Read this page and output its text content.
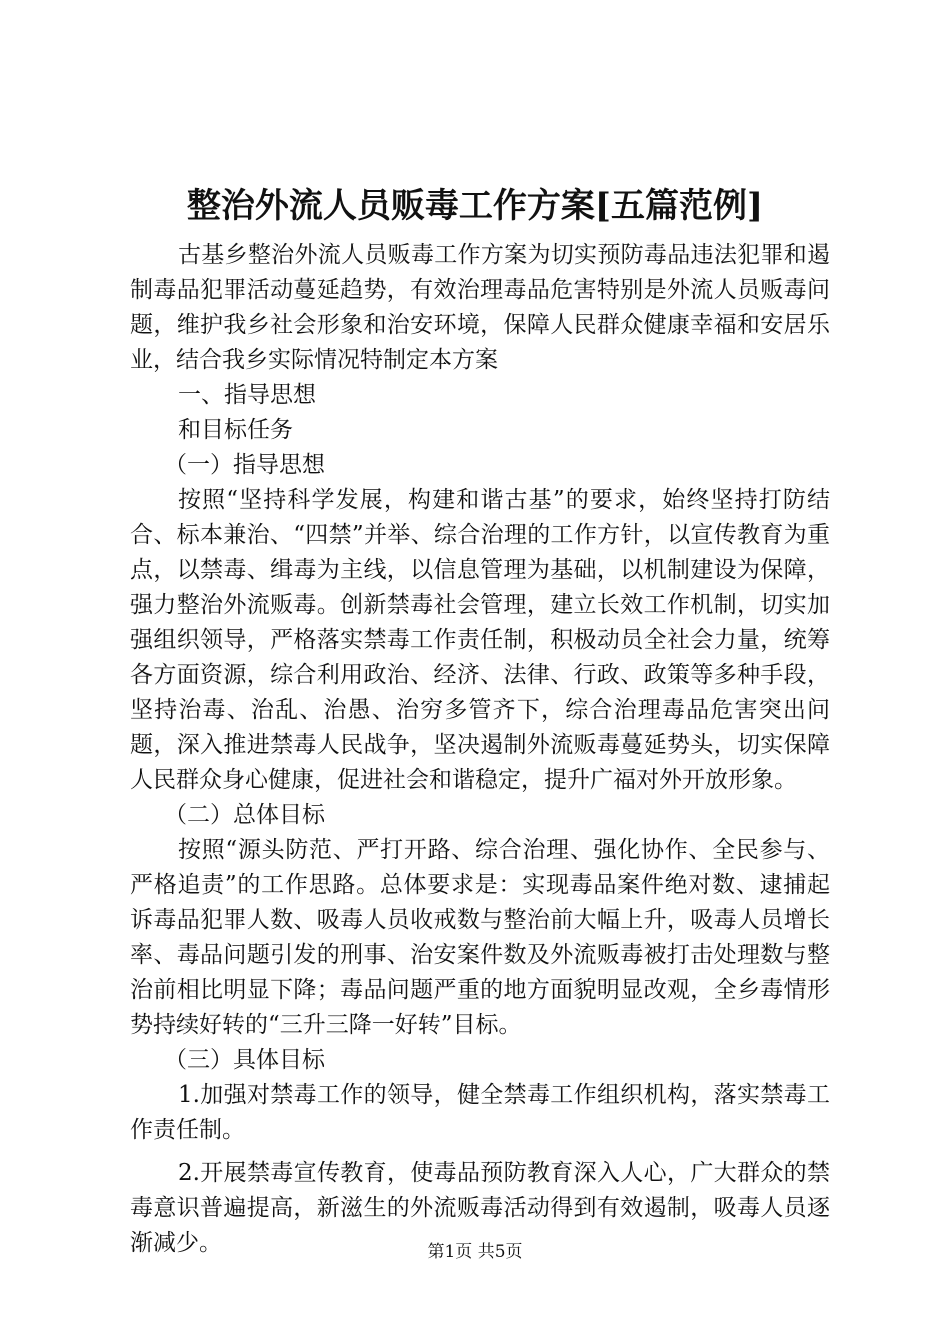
整治外流人员贩毒工作方案[五篇范例]

古基乡整治外流人员贩毒工作方案为切实预防毒品违法犯罪和遏制毒品犯罪活动蔓延趋势，有效治理毒品危害特别是外流人员贩毒问题，维护我乡社会形象和治安环境，保障人民群众健康幸福和安居乐业，结合我乡实际情况特制定本方案

一、指导思想

和目标任务

（一）指导思想

按照“坚持科学发展，构建和谐古基”的要求，始终坚持打防结合、标本兼治、“四禁”并举、综合治理的工作方针，以宣传教育为重点，以禁毒、缉毒为主线，以信息管理为基础，以机制建设为保障，强力整治外流贩毒。创新禁毒社会管理，建立长效工作机制，切实加强组织领导，严格落实禁毒工作责任制，积极动员全社会力量，统筹各方面资源，综合利用政治、经济、法律、行政、政策等多种手段，坚持治毒、治乱、治愚、治穷多管齐下，综合治理毒品危害突出问题，深入推进禁毒人民战争，坚决遏制外流贩毒蔓延势头，切实保障人民群众身心健康，促进社会和谐稳定，提升广福对外开放形象。

（二）总体目标

按照“源头防范、严打开路、综合治理、强化协作、全民参与、严格追责”的工作思路。总体要求是：实现毒品案件绝对数、逮捕起诉毒品犯罪人数、吸毒人员收戒数与整治前大幅上升，吸毒人员增长率、毒品问题引发的刑事、治安案件数及外流贩毒被打击处理数与整治前相比明显下降；毒品问题严重的地方面貌明显改观，全乡毒情形势持续好转的“三升三降一好转”目标。

（三）具体目标

1.加强对禁毒工作的领导，健全禁毒工作组织机构，落实禁毒工作责任制。

2.开展禁毒宣传教育，使毒品预防教育深入人心，广大群众的禁毒意识普遍提高，新滋生的外流贩毒活动得到有效遏制，吸毒人员逐渐减少。	第1页 共5页
